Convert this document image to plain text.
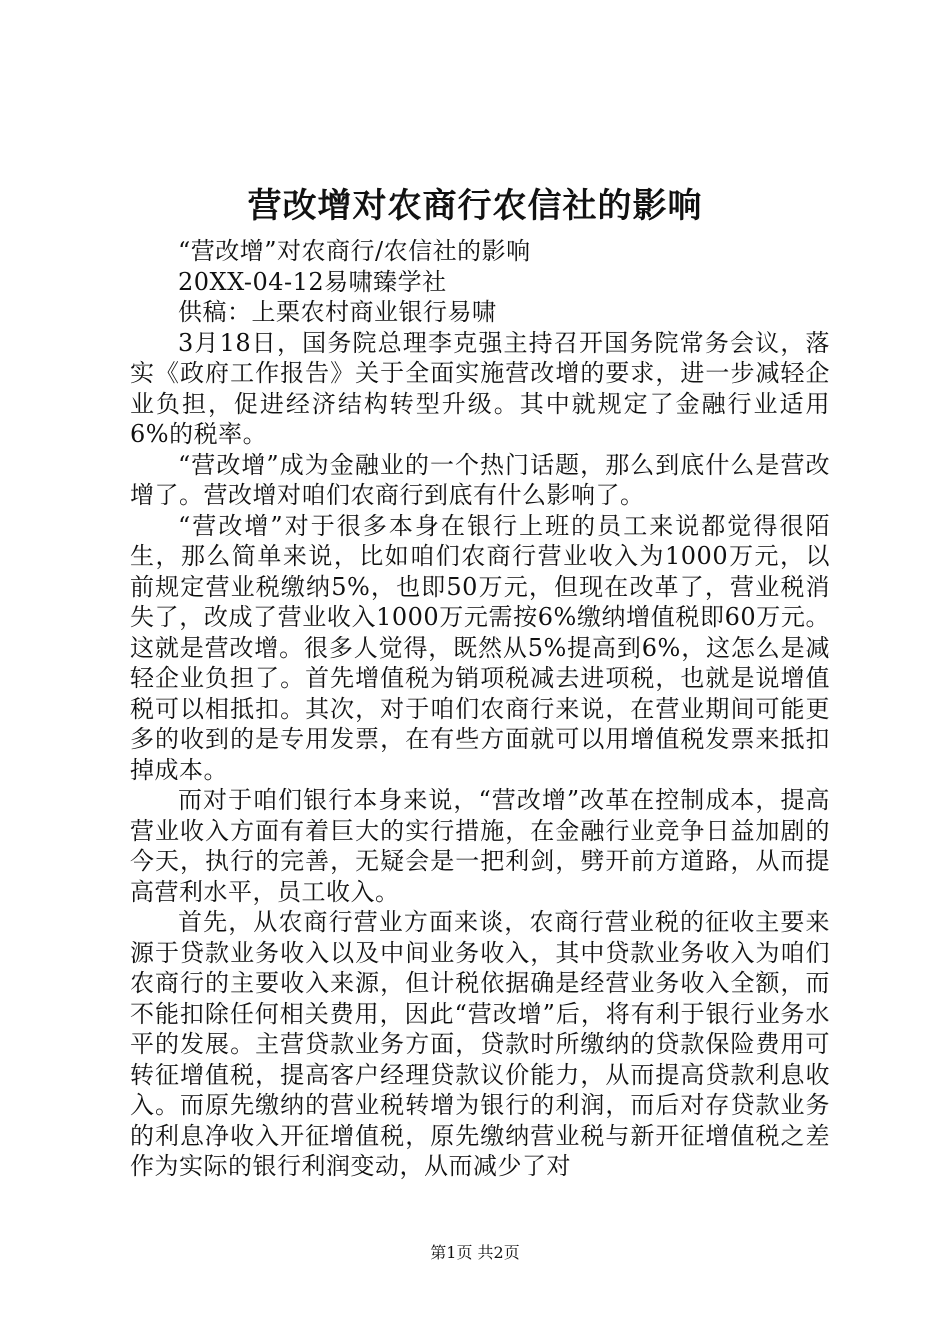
营改增对农商行农信社的影响

“营改增”对农商行/农信社的影响

20XX-04-12易啸臻学社

供稿：上栗农村商业银行易啸

3月18日，国务院总理李克强主持召开国务院常务会议，落实《政府工作报告》关于全面实施营改增的要求，进一步减轻企业负担，促进经济结构转型升级。其中就规定了金融行业适用6%的税率。

“营改增”成为金融业的一个热门话题，那么到底什么是营改增了。营改增对咱们农商行到底有什么影响了。

“营改增”对于很多本身在银行上班的员工来说都觉得很陌生，那么简单来说，比如咱们农商行营业收入为1000万元，以前规定营业税缴纳5%，也即50万元，但现在改革了，营业税消失了，改成了营业收入1000万元需按6%缴纳增值税即60万元。这就是营改增。很多人觉得，既然从5%提高到6%，这怎么是减轻企业负担了。首先增值税为销项税减去进项税，也就是说增值税可以相抵扣。其次，对于咱们农商行来说，在营业期间可能更多的收到的是专用发票，在有些方面就可以用增值税发票来抵扣掉成本。

而对于咱们银行本身来说，“营改增”改革在控制成本，提高营业收入方面有着巨大的实行措施，在金融行业竞争日益加剧的今天，执行的完善，无疑会是一把利剑，劈开前方道路，从而提高营利水平，员工收入。

首先，从农商行营业方面来谈，农商行营业税的征收主要来源于贷款业务收入以及中间业务收入，其中贷款业务收入为咱们农商行的主要收入来源，但计税依据确是经营业务收入全额，而不能扣除任何相关费用，因此“营改增”后，将有利于银行业务水平的发展。主营贷款业务方面，贷款时所缴纳的贷款保险费用可转征增值税，提高客户经理贷款议价能力，从而提高贷款利息收入。而原先缴纳的营业税转增为银行的利润，而后对存贷款业务的利息净收入开征增值税，原先缴纳营业税与新开征增值税之差作为实际的银行利润变动，从而减少了对

第1页 共2页
